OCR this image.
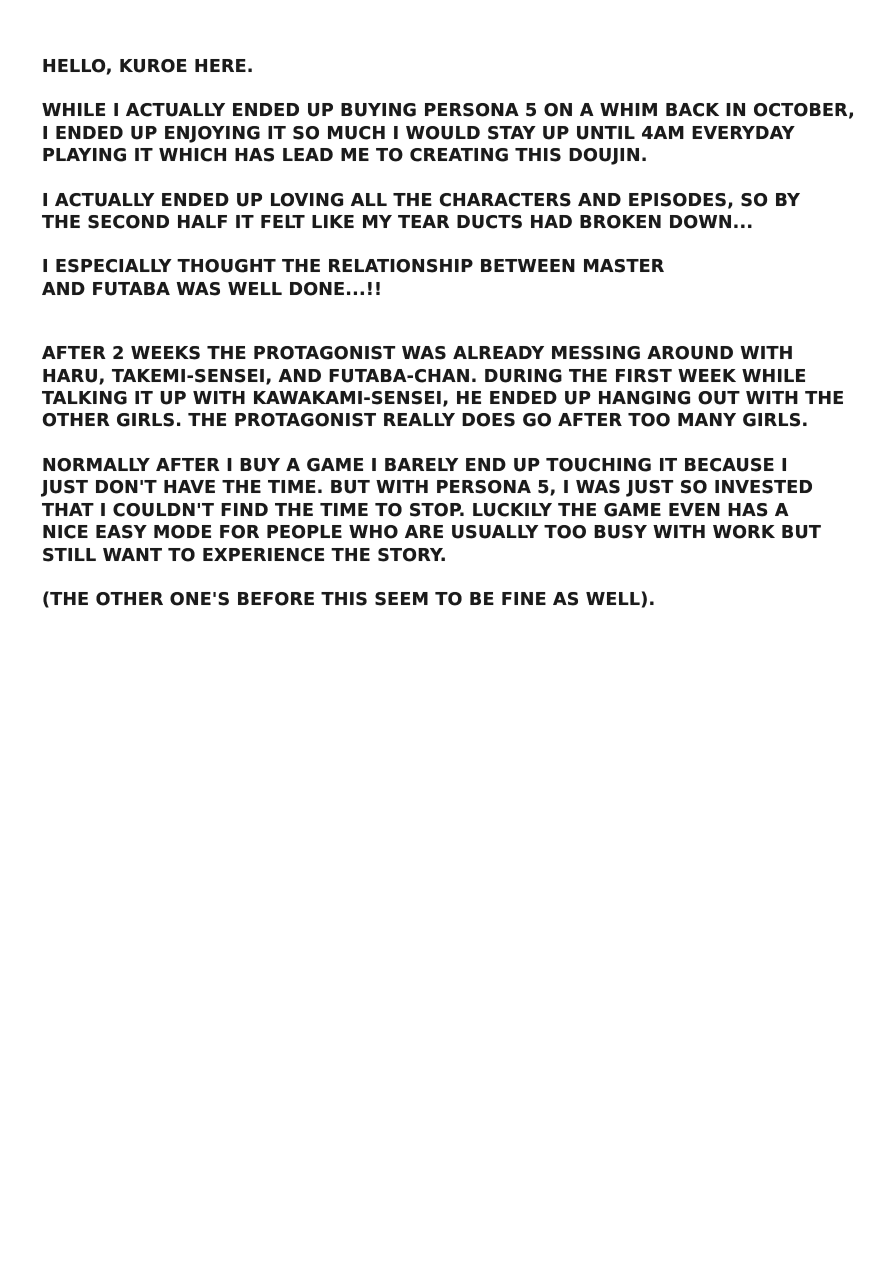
HELLO, KUROE HERE.
WHILE I ACTUALLY ENDED UP BUYING PERSONA 5 ON A WHIM BACK IN OCTOBER,
I ENDED UP ENJOYING IT SO MUCH I WOULD STAY UP UNTIL 4AM EVERYDAY
PLAYING IT WHICH HAS LEAD ME TO CREATING THIS DOUJIN.
I ACTUALLY ENDED UP LOVING ALL THE CHARACTERS AND EPISODES, SO BY
THE SECOND HALF IT FELT LIKE MY TEAR DUCTS HAD BROKEN DOWN...
I ESPECIALLY THOUGHT THE RELATIONSHIP BETWEEN MASTER
AND FUTABA WAS WELL DONE...!!
AFTER 2 WEEKS THE PROTAGONIST WAS ALREADY MESSING AROUND WITH
HARU, TAKEMI-SENSEI, AND FUTABA-CHAN. DURING THE FIRST WEEK WHILE
TALKING IT UP WITH KAWAKAMI-SENSEI, HE ENDED UP HANGING OUT WITH THE
OTHER GIRLS. THE PROTAGONIST REALLY DOES GO AFTER TOO MANY GIRLS.
NORMALLY AFTER I BUY A GAME I BARELY END UP TOUCHING IT BECAUSE I
JUST DON'T HAVE THE TIME. BUT WITH PERSONA 5, I WAS JUST SO INVESTED
THAT I COULDN'T FIND THE TIME TO STOP. LUCKILY THE GAME EVEN HAS A
NICE EASY MODE FOR PEOPLE WHO ARE USUALLY TOO BUSY WITH WORK BUT
STILL WANT TO EXPERIENCE THE STORY.
(THE OTHER ONE'S BEFORE THIS SEEM TO BE FINE AS WELL).
